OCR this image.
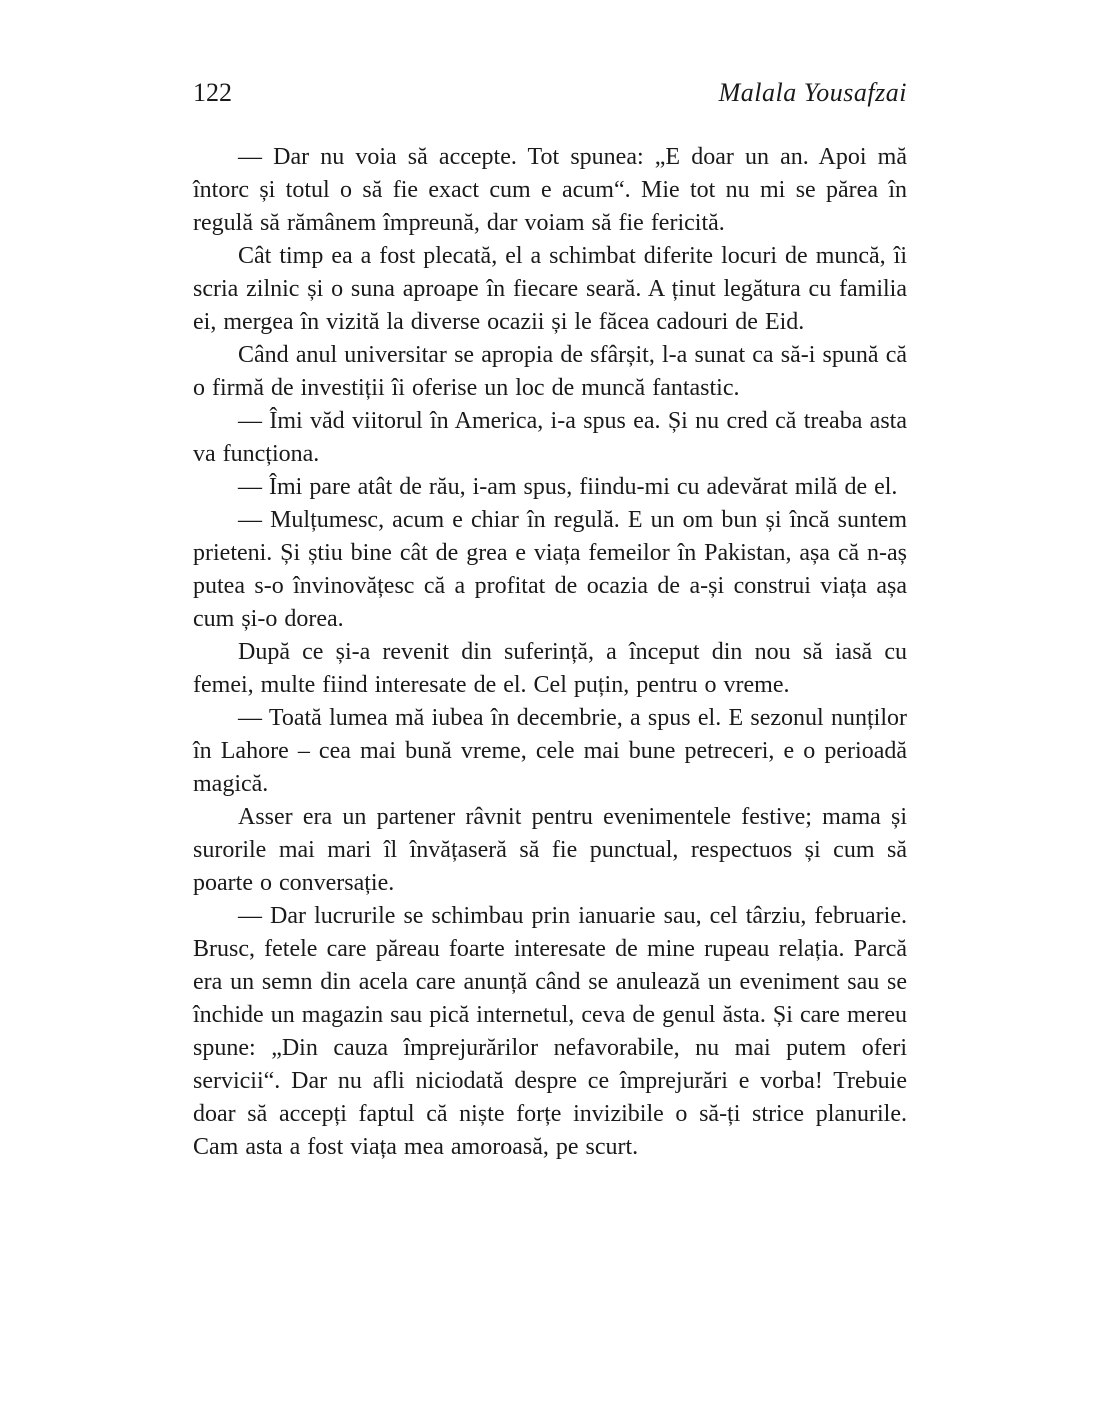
122	Malala Yousafzai

— Dar nu voia să accepte. Tot spunea: „E doar un an. Apoi mă întorc și totul o să fie exact cum e acum“. Mie tot nu mi se părea în regulă să rămânem împreună, dar voiam să fie fericită.

Cât timp ea a fost plecată, el a schimbat diferite locuri de muncă, îi scria zilnic și o suna aproape în fiecare seară. A ținut legătura cu familia ei, mergea în vizită la diverse ocazii și le făcea cadouri de Eid.

Când anul universitar se apropia de sfârșit, l-a sunat ca să-i spună că o firmă de investiții îi oferise un loc de muncă fantastic.

— Îmi văd viitorul în America, i-a spus ea. Și nu cred că treaba asta va funcționa.

— Îmi pare atât de rău, i-am spus, fiindu-mi cu adevărat milă de el.

— Mulțumesc, acum e chiar în regulă. E un om bun și încă suntem prieteni. Și știu bine cât de grea e viața femeilor în Pakistan, așa că n-aș putea s-o învinovățesc că a profitat de ocazia de a-și construi viața așa cum și-o dorea.

După ce și-a revenit din suferință, a început din nou să iasă cu femei, multe fiind interesate de el. Cel puțin, pentru o vreme.

— Toată lumea mă iubea în decembrie, a spus el. E sezonul nunților în Lahore – cea mai bună vreme, cele mai bune petreceri, e o perioadă magică.

Asser era un partener râvnit pentru evenimentele festive; mama și surorile mai mari îl învățaseră să fie punctual, respectuos și cum să poarte o conversație.

— Dar lucrurile se schimbau prin ianuarie sau, cel târziu, februarie. Brusc, fetele care păreau foarte interesate de mine rupeau relația. Parcă era un semn din acela care anunță când se anulează un eveniment sau se închide un magazin sau pică internetul, ceva de genul ăsta. Și care mereu spune: „Din cauza împrejurărilor nefavorabile, nu mai putem oferi servicii“. Dar nu afli niciodată despre ce împrejurări e vorba! Trebuie doar să accepți faptul că niște forțe invizibile o să-ți strice planurile. Cam asta a fost viața mea amoroasă, pe scurt.
